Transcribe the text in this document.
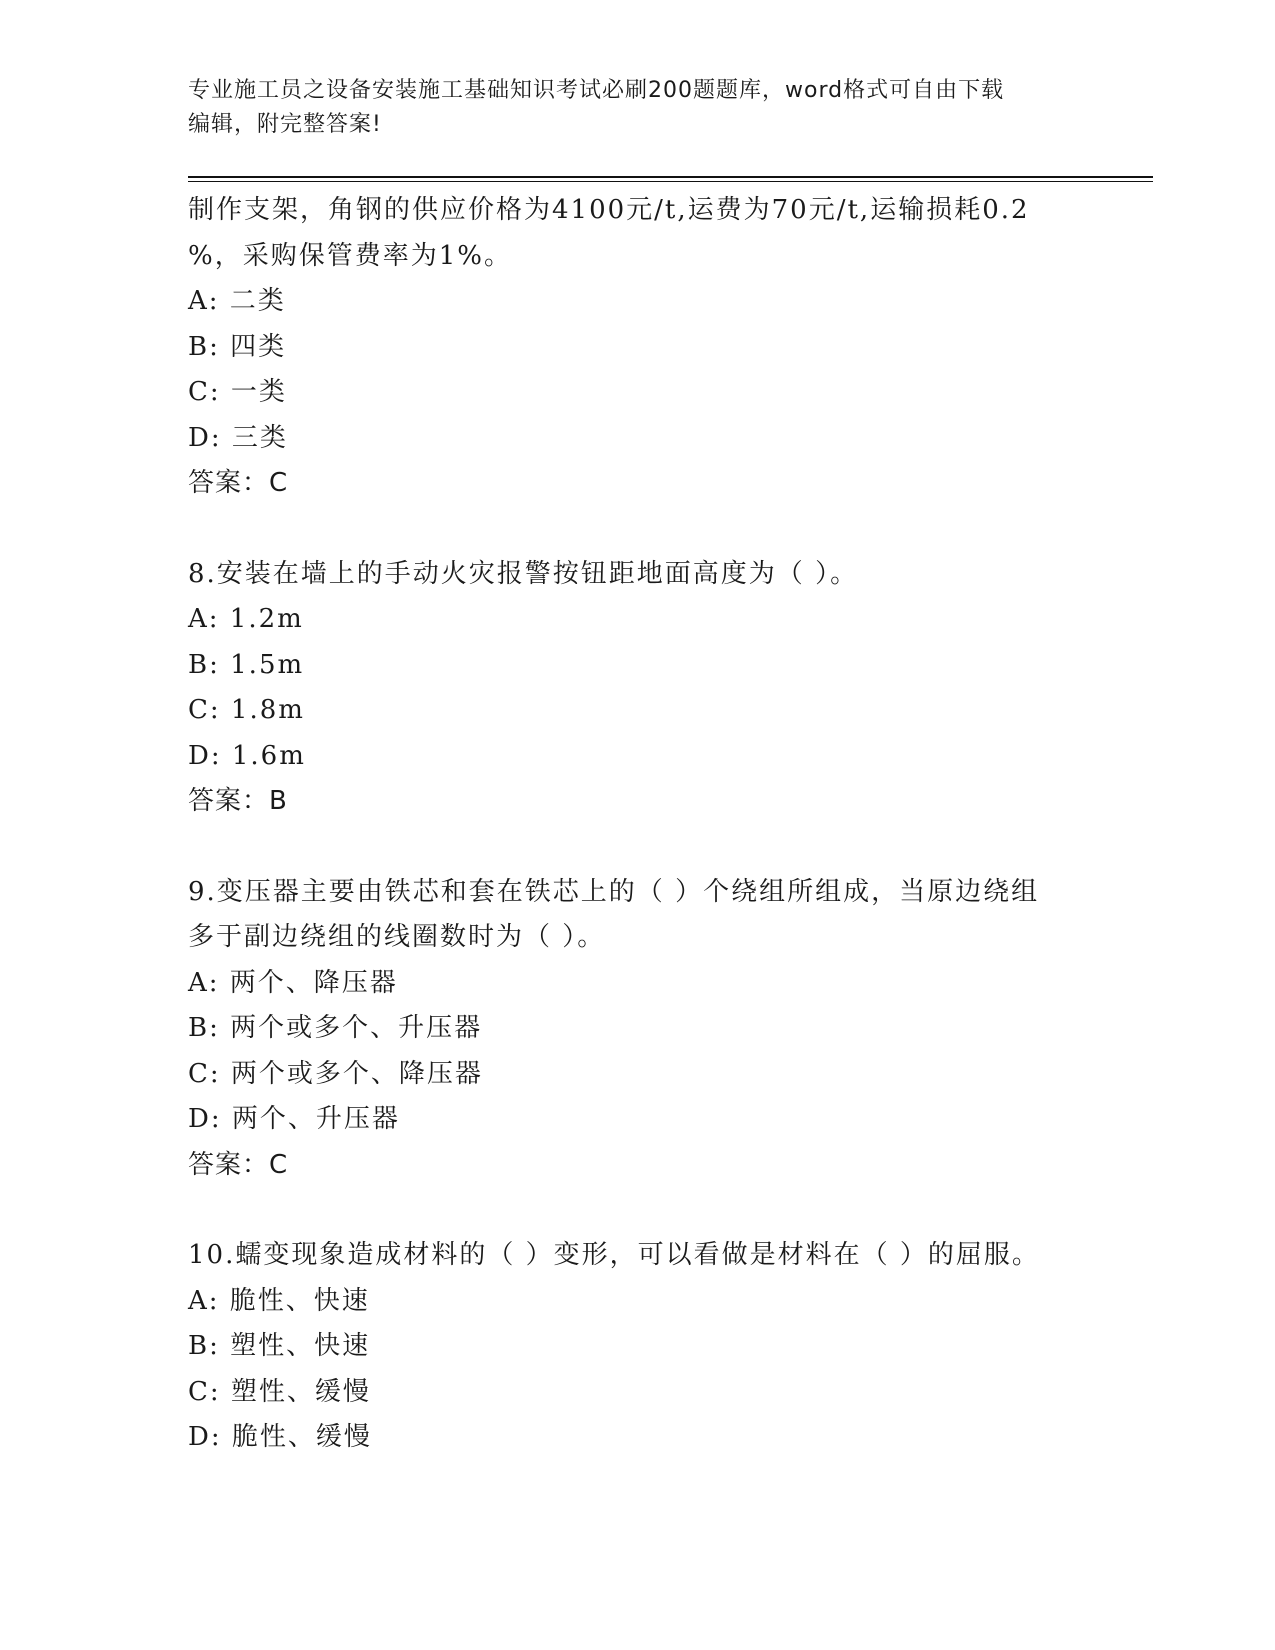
专业施工员之设备安装施工基础知识考试必刷200题题库，word格式可自由下载
编辑，附完整答案!
制作支架，角钢的供应价格为4100元/t,运费为70元/t,运输损耗0.2
%，采购保管费率为1%。
A: 二类
B: 四类
C: 一类
D: 三类
答案：C
8.安装在墙上的手动火灾报警按钮距地面高度为（ ）。
A: 1.2m
B: 1.5m
C: 1.8m
D: 1.6m
答案：B
9.变压器主要由铁芯和套在铁芯上的（ ）个绕组所组成，当原边绕组
多于副边绕组的线圈数时为（ ）。
A: 两个、降压器
B: 两个或多个、升压器
C: 两个或多个、降压器
D: 两个、升压器
答案：C
10.蠕变现象造成材料的（ ）变形，可以看做是材料在（ ）的屈服。
A: 脆性、快速
B: 塑性、快速
C: 塑性、缓慢
D: 脆性、缓慢
